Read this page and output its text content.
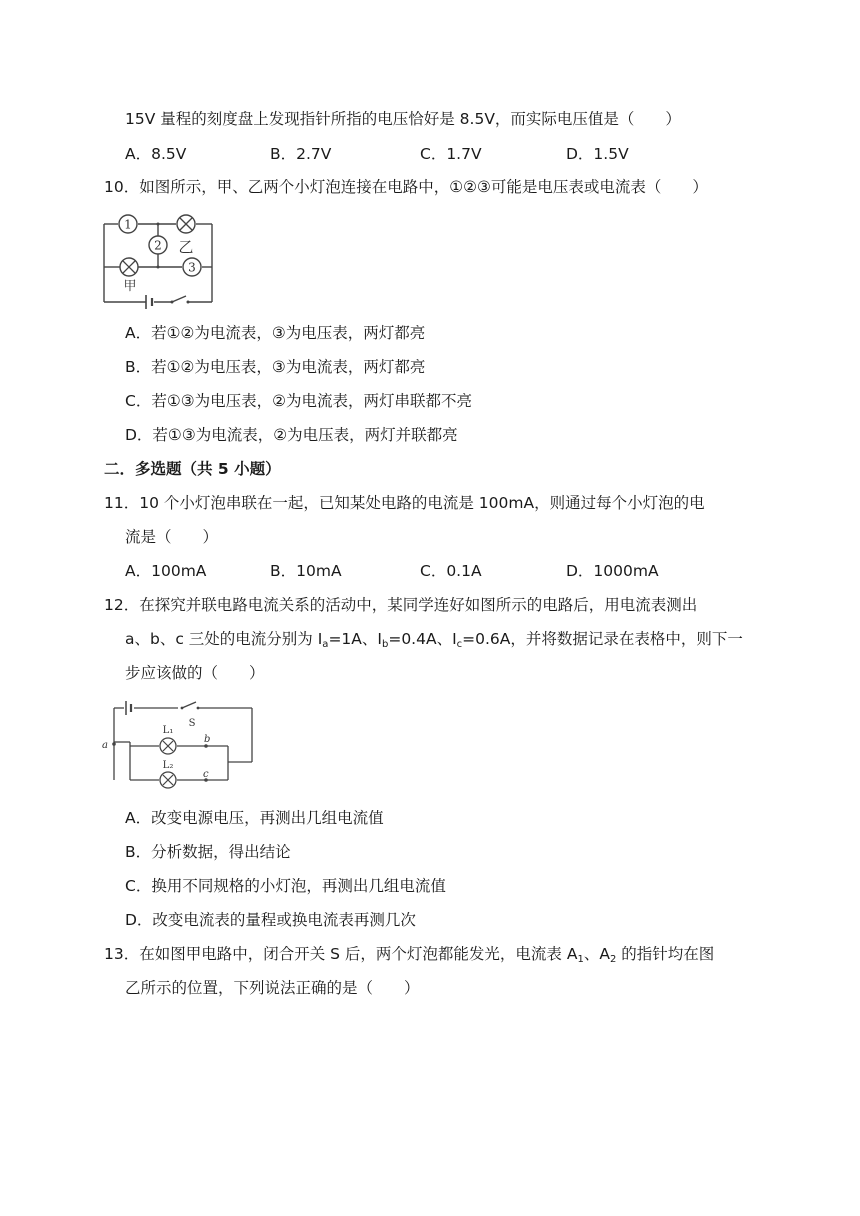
15V 量程的刻度盘上发现指针所指的电压恰好是 8.5V，而实际电压值是（　　）
A．8.5V	B．2.7V	C．1.7V	D．1.5V
10．如图所示，甲、乙两个小灯泡连接在电路中，①②③可能是电压表或电流表（　　）
1
乙
2
甲
3
A．若①②为电流表，③为电压表，两灯都亮
B．若①②为电压表，③为电流表，两灯都亮
C．若①③为电压表，②为电流表，两灯串联都不亮
D．若①③为电流表，②为电压表，两灯并联都亮
二．多选题（共 5 小题）
11．10 个小灯泡串联在一起，已知某处电路的电流是 100mA，则通过每个小灯泡的电
流是（　　）
A．100mA	B．10mA	C．0.1A	D．1000mA
12．在探究并联电路电流关系的活动中，某同学连好如图所示的电路后，用电流表测出
a、b、c 三处的电流分别为 $I_a=1A$、$I_b=0.4A$、$I_c=0.6A$，并将数据记录在表格中，则下一
步应该做的（　　）
S
a
b
c
L₁
L₂
A．改变电源电压，再测出几组电流值
B．分析数据，得出结论
C．换用不同规格的小灯泡，再测出几组电流值
D．改变电流表的量程或换电流表再测几次
13．在如图甲电路中，闭合开关 S 后，两个灯泡都能发光，电流表 $A_1$、$A_2$ 的指针均在图
乙所示的位置，下列说法正确的是（　　）
